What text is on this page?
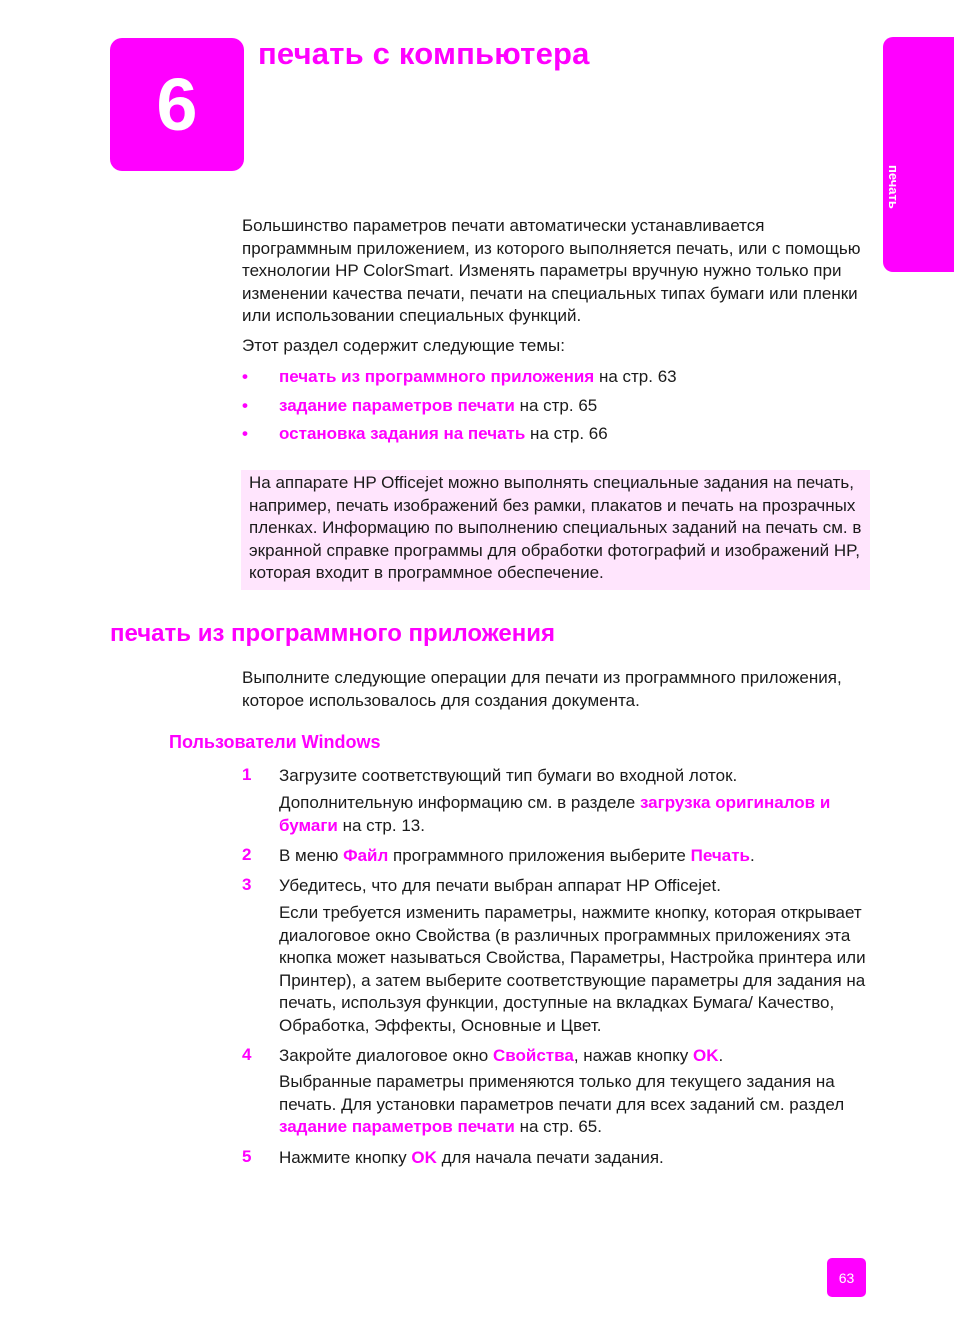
6
печать с компьютера
печать

Большинство параметров печати автоматически устанавливается программным приложением, из которого выполняется печать, или с помощью технологии HP ColorSmart. Изменять параметры вручную нужно только при изменении качества печати, печати на специальных типах бумаги или пленки или использовании специальных функций.

Этот раздел содержит следующие темы:

• печать из программного приложения на стр. 63
• задание параметров печати на стр. 65
• остановка задания на печать на стр. 66
На аппарате HP Officejet можно выполнять специальные задания на печать, например, печать изображений без рамки, плакатов и печать на прозрачных пленках. Информацию по выполнению специальных заданий на печать см. в экранной справке программы для обработки фотографий и изображений HP, которая входит в программное обеспечение.
печать из программного приложения

Выполните следующие операции для печати из программного приложения, которое использовалось для создания документа.

Пользователи Windows
1 Загрузите соответствующий тип бумаги во входной лоток.

Дополнительную информацию см. в разделе загрузка оригиналов и бумаги на стр. 13.

2 В меню Файл программного приложения выберите Печать.

3 Убедитесь, что для печати выбран аппарат HP Officejet.

Если требуется изменить параметры, нажмите кнопку, которая открывает диалоговое окно Свойства (в различных программных приложениях эта кнопка может называться Свойства, Параметры, Настройка принтера или Принтер), а затем выберите соответствующие параметры для задания на печать, используя функции, доступные на вкладках Бумага/ Качество, Обработка, Эффекты, Основные и Цвет.

4 Закройте диалоговое окно Свойства, нажав кнопку OK.

Выбранные параметры применяются только для текущего задания на печать. Для установки параметров печати для всех заданий см. раздел задание параметров печати на стр. 65.

5 Нажмите кнопку OK для начала печати задания.

63
